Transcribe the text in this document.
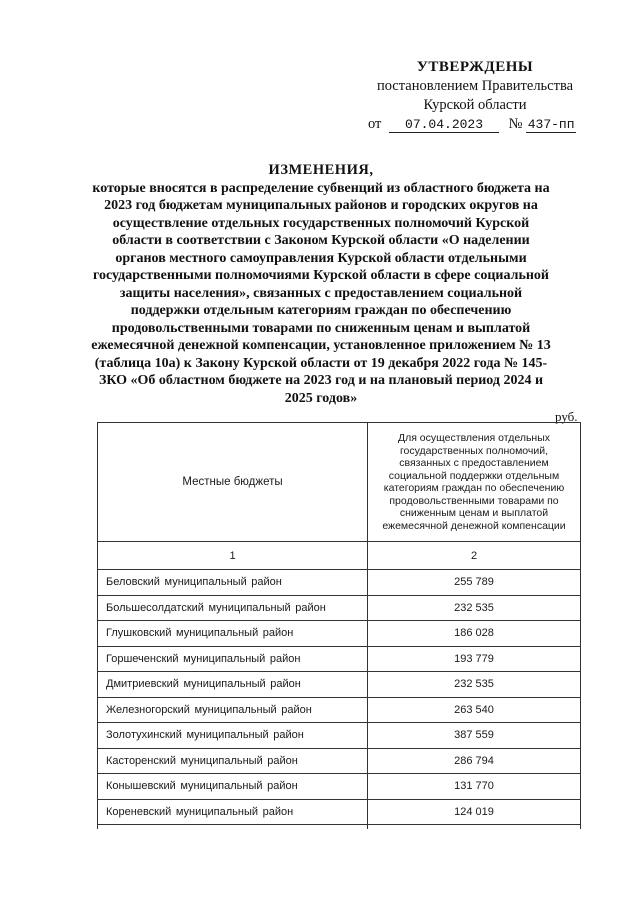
УТВЕРЖДЕНЫ
постановлением Правительства
Курской области
от 07.04.2023 № 437-пп
ИЗМЕНЕНИЯ,
которые вносятся в распределение субвенций из областного бюджета на 2023 год бюджетам муниципальных районов и городских округов на осуществление отдельных государственных полномочий Курской области в соответствии с Законом Курской области «О наделении органов местного самоуправления Курской области отдельными государственными полномочиями Курской области в сфере социальной защиты населения», связанных с предоставлением социальной поддержки отдельным категориям граждан по обеспечению продовольственными товарами по сниженным ценам и выплатой ежемесячной денежной компенсации, установленное приложением № 13 (таблица 10а) к Закону Курской области от 19 декабря 2022 года № 145-ЗКО «Об областном бюджете на 2023 год и на плановый период 2024 и 2025 годов»
руб.
Местные бюджеты	Для осуществления отдельных государственных полномочий, связанных с предоставлением социальной поддержки отдельным категориям граждан по обеспечению продовольственными товарами по сниженным ценам и выплатой ежемесячной денежной компенсации
1	2
Беловский муниципальный район	255 789
Большесолдатский муниципальный район	232 535
Глушковский муниципальный район	186 028
Горшеченский муниципальный район	193 779
Дмитриевский муниципальный район	232 535
Железногорский муниципальный район	263 540
Золотухинский муниципальный район	387 559
Касторенский муниципальный район	286 794
Конышевский муниципальный район	131 770
Кореневский муниципальный район	124 019
